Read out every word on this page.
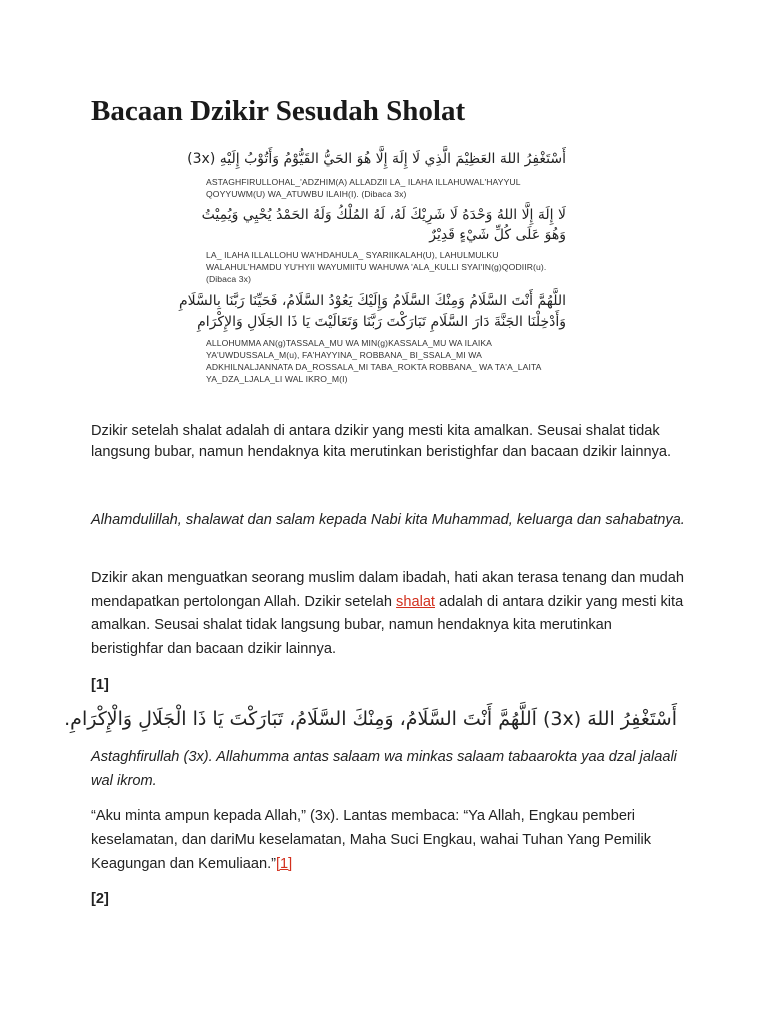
Bacaan Dzikir Sesudah Sholat
أَسْتَغْفِرُ اللهَ العَظِيْمَ الَّذِي لَا إِلَهَ إِلَّا هُوَ الحَيُّ القَيُّوْمُ وَأَتُوْبُ إِلَيْهِ (3x)
ASTAGHFIRULLOHAL_'ADZHIM(A) ALLADZII LA_ ILAHA ILLAHUWAL'HAYYUL
QOYYUWM(U) WA_ATUWBU ILAIH(I). (Dibaca 3x)
لَا إِلَهَ إِلَّا اللهُ وَحْدَهُ لَا شَرِيْكَ لَهُ، لَهُ المُلْكُ وَلَهُ الحَمْدُ يُحْيِي وَيُمِيْتُ
وَهُوَ عَلَى كُلِّ شَيْءٍ قَدِيْرٌ
LA_ ILAHA ILLALLOHU WA'HDAHULA_ SYARIIKALAH(U), LAHULMULKU
WALAHUL'HAMDU YU'HYII WAYUMIITU WAHUWA 'ALA_KULLI SYAI'IN(g)QODIIR(u).
(Dibaca 3x)
اللَّهُمَّ أَنْتَ السَّلَامُ وَمِنْكَ السَّلَامُ وَإِلَيْكَ يَعُوْدُ السَّلَامُ، فَحَيِّنَا رَبَّنَا بِالسَّلَامِ
وَأَدْخِلْنَا الجَنَّةَ دَارَ السَّلَامِ تَبَارَكْتَ رَبَّنَا وَتَعَالَيْتَ يَا ذَا الجَلَالِ وَالإِكْرَامِ
ALLOHUMMA AN(g)TASSALA_MU WA MIN(g)KASSALA_MU WA ILAIKA
YA'UWDUSSALA_M(u), FA'HAYYINA_ ROBBANA_ BI_SSALA_MI WA
ADKHILNALJANNATA DA_ROSSALA_MI TABA_ROKTA ROBBANA_ WA TA'A_LAITA
YA_DZA_LJALA_LI WAL IKRO_M(I)

Dzikir setelah shalat adalah di antara dzikir yang mesti kita amalkan. Seusai shalat tidak langsung bubar, namun hendaknya kita merutinkan beristighfar dan bacaan dzikir lainnya.

Alhamdulillah, shalawat dan salam kepada Nabi kita Muhammad, keluarga dan sahabatnya.

Dzikir akan menguatkan seorang muslim dalam ibadah, hati akan terasa tenang dan mudah mendapatkan pertolongan Allah. Dzikir setelah shalat adalah di antara dzikir yang mesti kita amalkan. Seusai shalat tidak langsung bubar, namun hendaknya kita merutinkan beristighfar dan bacaan dzikir lainnya.

[1]

أَسْتَغْفِرُ اللهَ (3x) اَللَّهُمَّ أَنْتَ السَّلَامُ، وَمِنْكَ السَّلَامُ، تَبَارَكْتَ يَا ذَا الْجَلَالِ وَالْإِكْرَامِ.

Astaghfirullah (3x). Allahumma antas salaam wa minkas salaam tabaarokta yaa dzal jalaali wal ikrom.

“Aku minta ampun kepada Allah,” (3x). Lantas membaca: “Ya Allah, Engkau pemberi keselamatan, dan dariMu keselamatan, Maha Suci Engkau, wahai Tuhan Yang Pemilik Keagungan dan Kemuliaan.”[1]

[2]
